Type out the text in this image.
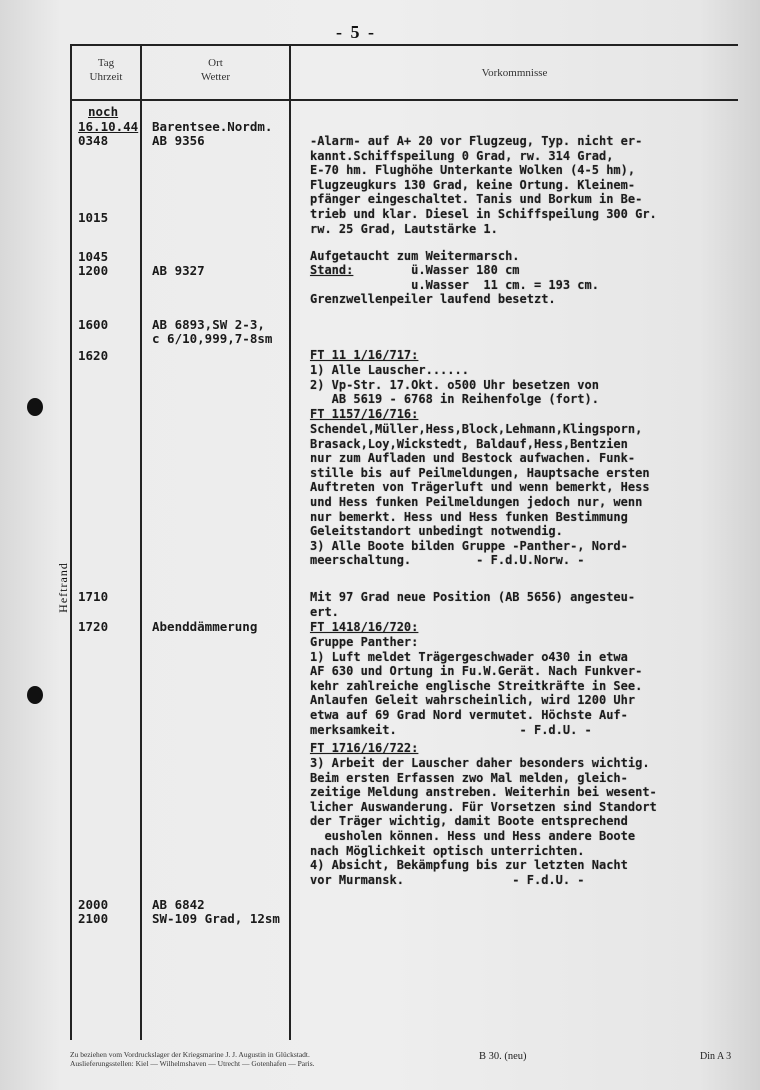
- 5 -
Heftrand
Tag
Uhrzeit
Ort
Wetter	Vorkommnisse
noch
16.10.44
0348
1015
1045
1200
1600
1620
1710
1720
2000
2100
Barentsee.Nordm.
AB 9356
AB 9327
AB 6893,SW 2-3,
c 6/10,999,7-8sm
Abenddämmerung
AB 6842
SW-109 Grad, 12sm
-Alarm- auf A+ 20 vor Flugzeug, Typ. nicht er-
kannt.Schiffspeilung 0 Grad, rw. 314 Grad,
E-70 hm. Flughöhe Unterkante Wolken (4-5 hm),
Flugzeugkurs 130 Grad, keine Ortung. Kleinem-
pfänger eingeschaltet. Tanis und Borkum in Be-
trieb und klar. Diesel in Schiffspeilung 300 Gr.
rw. 25 Grad, Lautstärke 1.
Aufgetaucht zum Weitermarsch.
Stand:        ü.Wasser 180 cm
u.Wasser  11 cm. = 193 cm.
Grenzwellenpeiler laufend besetzt.
FT 11 1/16/717:
1) Alle Lauscher......
2) Vp-Str. 17.Okt. o500 Uhr besetzen von
AB 5619 - 6768 in Reihenfolge (fort).
FT 1157/16/716:
Schendel,Müller,Hess,Block,Lehmann,Klingsporn,
Brasack,Loy,Wickstedt, Baldauf,Hess,Bentzien
nur zum Aufladen und Bestock aufwachen. Funk-
stille bis auf Peilmeldungen, Hauptsache ersten
Auftreten von Trägerluft und wenn bemerkt, Hess
und Hess funken Peilmeldungen jedoch nur, wenn
nur bemerkt. Hess und Hess funken Bestimmung
Geleitstandort unbedingt notwendig.
3) Alle Boote bilden Gruppe -Panther-, Nord-
meerschaltung.         - F.d.U.Norw. -
Mit 97 Grad neue Position (AB 5656) angesteu-
ert.
FT 1418/16/720:
Gruppe Panther:
1) Luft meldet Trägergeschwader o430 in etwa
AF 630 und Ortung in Fu.W.Gerät. Nach Funkver-
kehr zahlreiche englische Streitkräfte in See.
Anlaufen Geleit wahrscheinlich, wird 1200 Uhr
etwa auf 69 Grad Nord vermutet. Höchste Auf-
merksamkeit.                 - F.d.U. -
FT 1716/16/722:
3) Arbeit der Lauscher daher besonders wichtig.
Beim ersten Erfassen zwo Mal melden, gleich-
zeitige Meldung anstreben. Weiterhin bei wesent-
licher Auswanderung. Für Vorsetzen sind Standort
der Träger wichtig, damit Boote entsprechend
eusholen können. Hess und Hess andere Boote
nach Möglichkeit optisch unterrichten.
4) Absicht, Bekämpfung bis zur letzten Nacht
vor Murmansk.               - F.d.U. -
Zu beziehen vom Vordruckslager der Kriegsmarine J. J. Augustin in Glückstadt.
Auslieferungsstellen: Kiel — Wilhelmshaven — Utrecht — Gotenhafen — Paris.
B 30. (neu)	Din A 3
